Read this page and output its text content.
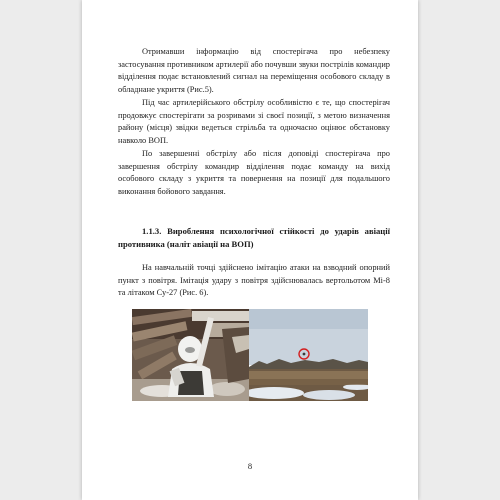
Отримавши інформацію від спостерігача про небезпеку застосування противником артилерії або почувши звуки пострілів командир відділення подає встановлений сигнал на переміщення особового складу в обладнане укриття (Рис.5).

Під час артилерійського обстрілу особливістю є те, що спостерігач продовжує спостерігати за розривами зі своєї позиції, з метою визначення району (місця) звідки ведеться стрільба та одночасно оцінює обстановку навколо ВОП.

По завершенні обстрілу або після доповіді спостерігача про завершення обстрілу командир відділення подає команду на вихід особового складу з укриття та повернення на позиції для подальшого виконання бойового завдання.

1.1.3. Вироблення психологічної стійкості до ударів авіації противника (наліт авіації на ВОП)

На навчальній точці здійснено імітацію атаки на взводний опорний пункт з повітря. Імітація удару з повітря здійснювалась вертольотом Мі-8 та літаком Су-27 (Рис. 6).

8
